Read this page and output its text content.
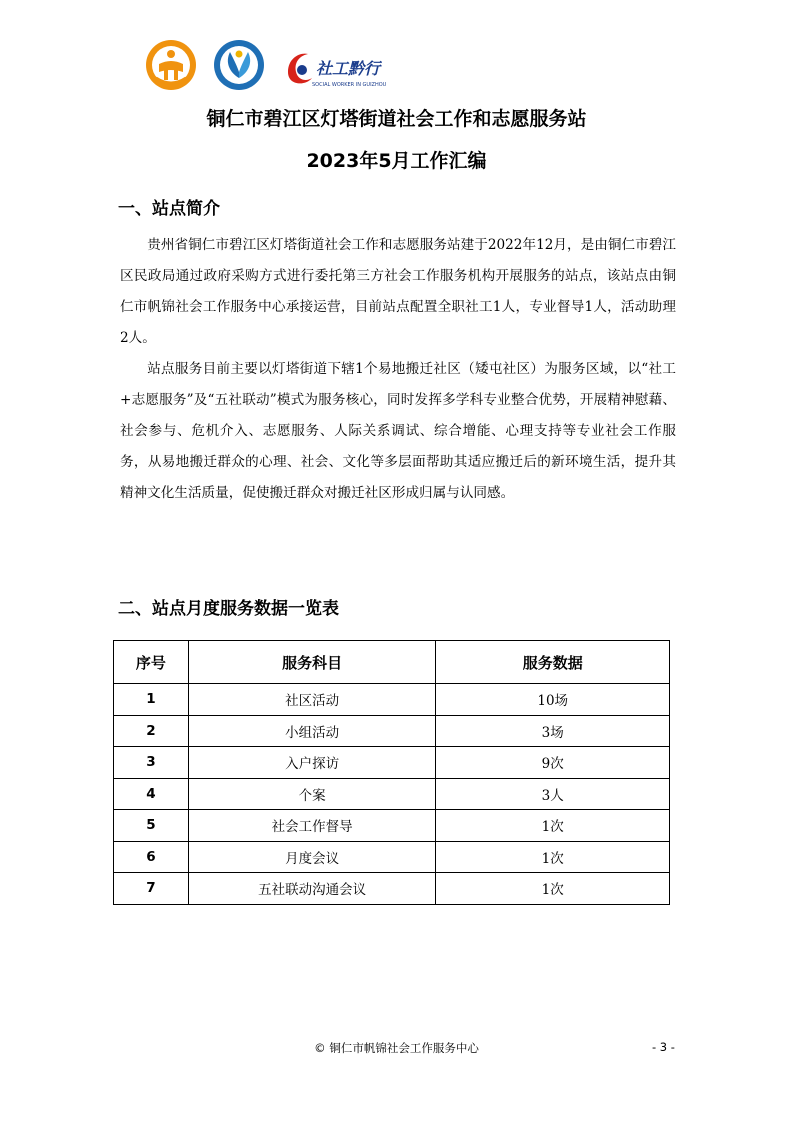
社工黔行
SOCIAL WORKER IN GUIZHOU
铜仁市碧江区灯塔街道社会工作和志愿服务站
2023年5月工作汇编
一、站点简介

贵州省铜仁市碧江区灯塔街道社会工作和志愿服务站建于2022年12月，是由铜仁市碧江区民政局通过政府采购方式进行委托第三方社会工作服务机构开展服务的站点，该站点由铜仁市帆锦社会工作服务中心承接运营，目前站点配置全职社工1人，专业督导1人，活动助理2人。

站点服务目前主要以灯塔街道下辖1个易地搬迁社区（矮屯社区）为服务区域，以“社工+志愿服务”及“五社联动”模式为服务核心，同时发挥多学科专业整合优势，开展精神慰藉、社会参与、危机介入、志愿服务、人际关系调试、综合增能、心理支持等专业社会工作服务，从易地搬迁群众的心理、社会、文化等多层面帮助其适应搬迁后的新环境生活，提升其精神文化生活质量，促使搬迁群众对搬迁社区形成归属与认同感。

二、站点月度服务数据一览表
序号	服务科目	服务数据
1	社区活动	10场
2	小组活动	3场
3	入户探访	9次
4	个案	3人
5	社会工作督导	1次
6	月度会议	1次
7	五社联动沟通会议	1次
© 铜仁市帆锦社会工作服务中心	- 3 -
